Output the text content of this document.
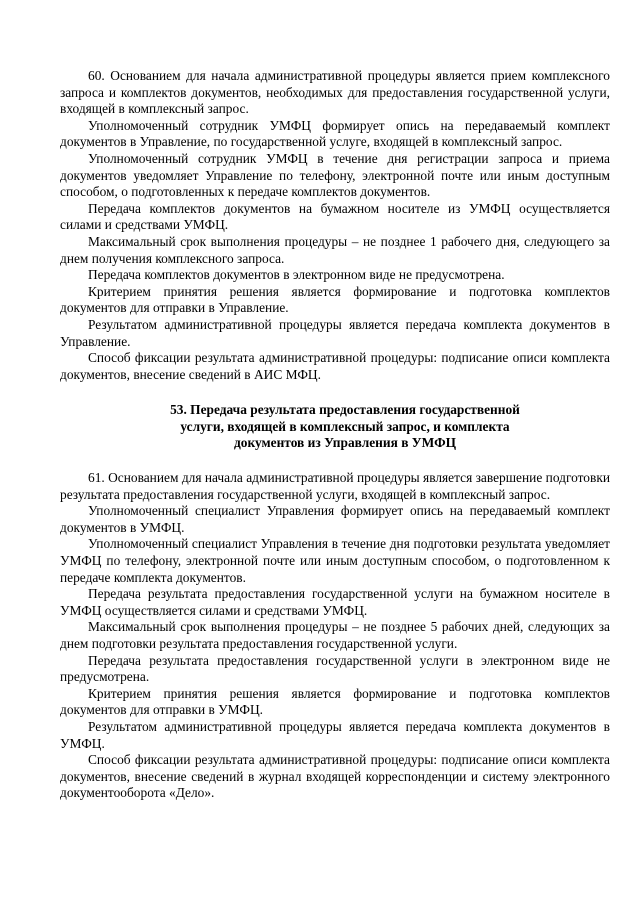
60. Основанием для начала административной процедуры является прием комплексного запроса и комплектов документов, необходимых для предоставления государственной услуги, входящей в комплексный запрос.

Уполномоченный сотрудник УМФЦ формирует опись на передаваемый комплект документов в Управление, по государственной услуге, входящей в комплексный запрос.

Уполномоченный сотрудник УМФЦ в течение дня регистрации запроса и приема документов уведомляет Управление по телефону, электронной почте или иным доступным способом, о подготовленных к передаче комплектов документов.

Передача комплектов документов на бумажном носителе из УМФЦ осуществляется силами и средствами УМФЦ.

Максимальный срок выполнения процедуры – не позднее 1 рабочего дня, следующего за днем получения комплексного запроса.

Передача комплектов документов в электронном виде не предусмотрена.

Критерием принятия решения является формирование и подготовка комплектов документов для отправки в Управление.

Результатом административной процедуры является передача комплекта документов в Управление.

Способ фиксации результата административной процедуры: подписание описи комплекта документов, внесение сведений в АИС МФЦ.

53. Передача результата предоставления государственной

услуги, входящей в комплексный запрос, и комплекта

документов из Управления в УМФЦ

61. Основанием для начала административной процедуры является завершение подготовки результата предоставления государственной услуги, входящей в комплексный запрос.

Уполномоченный специалист Управления формирует опись на передаваемый комплект документов в УМФЦ.

Уполномоченный специалист Управления в течение дня подготовки результата уведомляет УМФЦ по телефону, электронной почте или иным доступным способом, о подготовленном к передаче комплекта документов.

Передача результата предоставления государственной услуги на бумажном носителе в УМФЦ осуществляется силами и средствами УМФЦ.

Максимальный срок выполнения процедуры – не позднее 5 рабочих дней, следующих за днем подготовки результата предоставления государственной услуги.

Передача результата предоставления государственной услуги в электронном виде не предусмотрена.

Критерием принятия решения является формирование и подготовка комплектов документов для отправки в УМФЦ.

Результатом административной процедуры является передача комплекта документов в УМФЦ.

Способ фиксации результата административной процедуры: подписание описи комплекта документов, внесение сведений в журнал входящей корреспонденции и систему электронного документооборота «Дело».
